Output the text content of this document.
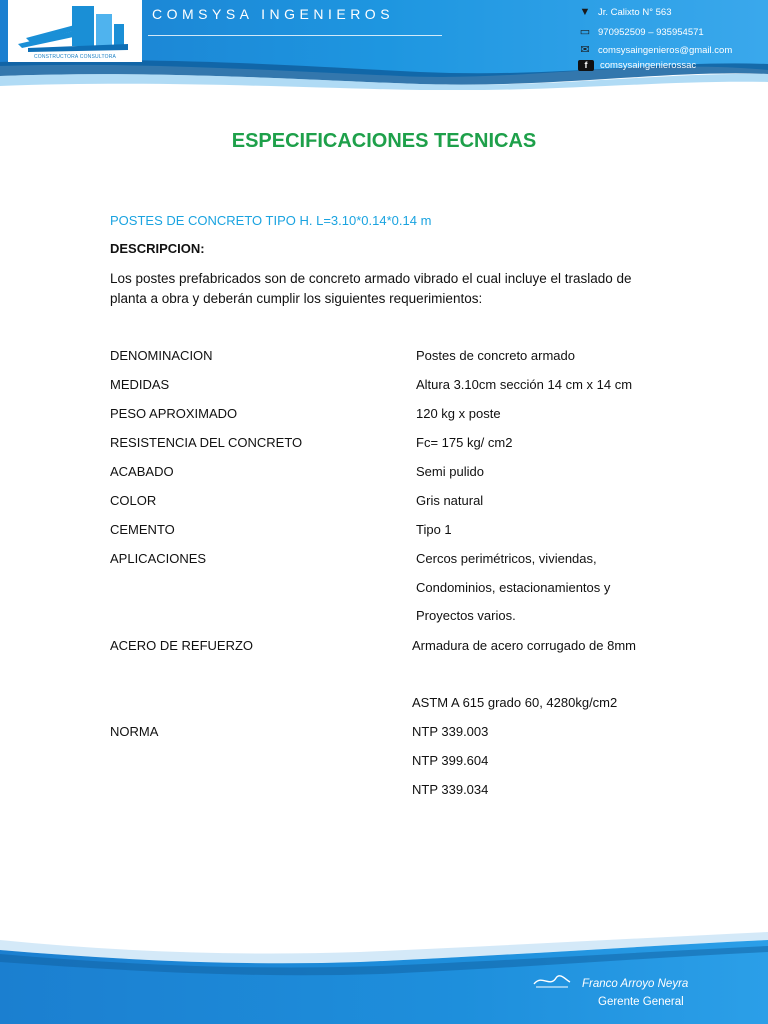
CONSTRUCTORA CONSULTORA
COMSYSA INGENIEROS	▼ Jr. Calixto N° 563
▭ 970952509 – 935954571
✉ comsysaingenieros@gmail.com
f comsysaingenierossac
ESPECIFICACIONES TECNICAS
POSTES DE CONCRETO TIPO H. L=3.10*0.14*0.14 m
DESCRIPCION:
Los postes prefabricados son de concreto armado vibrado el cual incluye el traslado de planta a obra y deberán cumplir los siguientes requerimientos:
DENOMINACION	Postes de concreto armado
MEDIDAS	Altura 3.10cm sección 14 cm x 14 cm
PESO APROXIMADO	120 kg x poste
RESISTENCIA DEL CONCRETO	Fc= 175 kg/ cm2
ACABADO	Semi pulido
COLOR	Gris natural
CEMENTO	Tipo 1
APLICACIONES	Cercos perimétricos, viviendas,
Condominios, estacionamientos y
Proyectos varios.
ACERO DE REFUERZO	Armadura de acero corrugado de 8mm
ASTM A 615 grado 60, 4280kg/cm2
NORMA	NTP 339.003
NTP 399.604
NTP 339.034
Franco Arroyo Neyra
Gerente General
